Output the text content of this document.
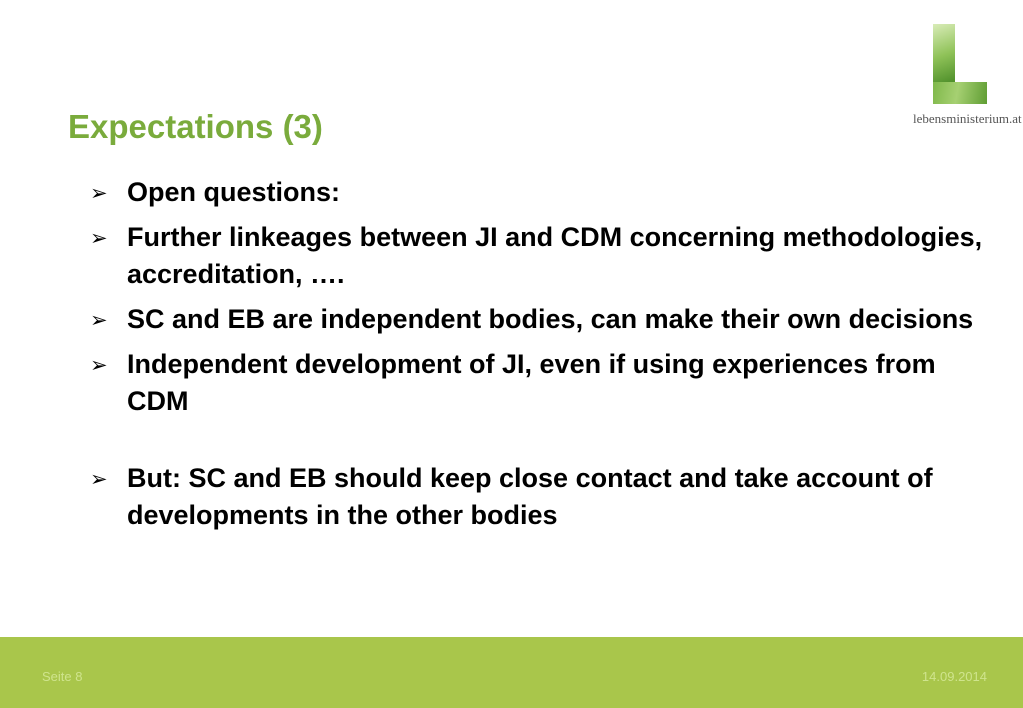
lebensministerium.at
Expectations (3)
➢ Open questions:
➢ Further linkeages between JI and CDM concerning methodologies, accreditation, ….
➢ SC and EB are independent bodies, can make their own decisions
➢ Independent development of JI, even if using experiences from CDM
➢ But: SC and EB should keep close contact and take account of developments in the other bodies
Seite 8	14.09.2014
